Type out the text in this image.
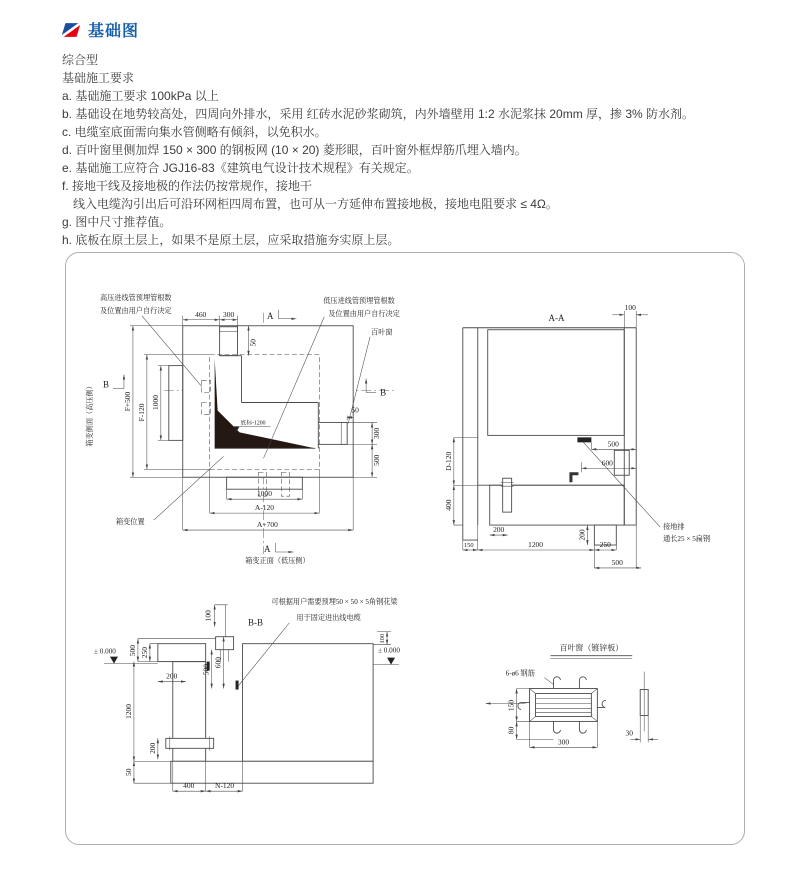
基础图
综合型
基础施工要求
a. 基础施工要求 100kPa 以上
b. 基础设在地势较高处，四周向外排水，采用 红砖水泥砂浆砌筑，内外墙壁用 1:2 水泥浆抹 20mm 厚，掺 3% 防水剂。
c. 电缆室底面需向集水管侧略有倾斜，以免积水。
d. 百叶窗里侧加焊 150 × 300 的钢板网 (10 × 20) 菱形眼，百叶窗外框焊筋爪埋入墙内。
e. 基础施工应符合 JGJ16-83《建筑电气设计技术规程》有关规定。
f. 接地干线及接地极的作法仍按常规作，接地干
线入电缆沟引出后可沿环网柜四周布置，也可从一方延伸布置接地极，接地电阻要求 ≤ 4Ω。
g. 图中尺寸推荐值。
h. 底板在原土层上，如果不是原土层，应采取措施夯实原上层。
460 300
50
F+500
F-120
1000
箱变侧面（高压侧）	50
300
500
1000
A-120
A+700
A
A
B
B
高压进线管预埋管根数
及位置由用户自行决定
低压进线管预埋管根数
及位置由用户自行决定
百叶窗
底标-1200
箱变位置
箱变正面（低压侧）
A-A
接地排
通长25 × 5扁钢
100
D-120
400
500
600
200	200
150	1200	250
500
B-B
可根据用户需要预埋50 × 50 × 5角钢花梁
用于固定进出线电缆
± 0.000	± 0.000
100
500 250
200
1200
200
50
600
500
100
400	N-120
百叶窗（镀锌板）
6-ø6 钢筋
150
80
300
30
